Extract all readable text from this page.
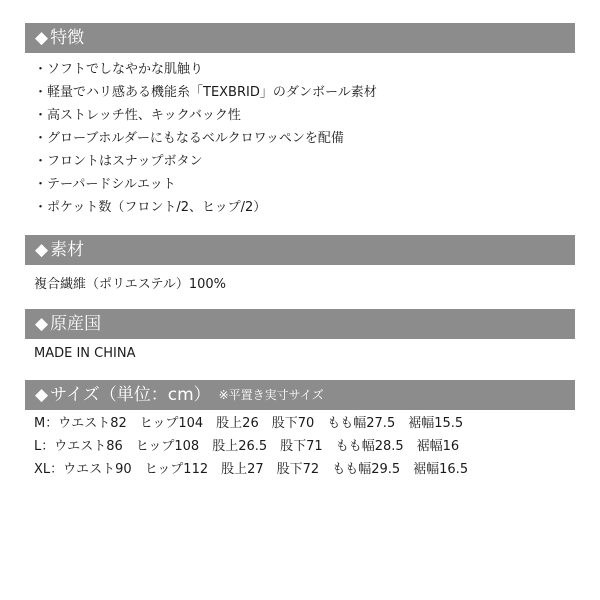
◆ 特徴
・ソフトでしなやかな肌触り
・軽量でハリ感ある機能糸「TEXBRID」のダンボール素材
・高ストレッチ性、キックバック性
・グローブホルダーにもなるベルクロワッペンを配備
・フロントはスナップボタン
・テーパードシルエット
・ポケット数（フロント/2、ヒップ/2）
◆ 素材
複合繊維（ポリエステル）100%
◆ 原産国
MADE IN CHINA
◆ サイズ（単位：cm） ※平置き実寸サイズ
M：ウエスト82　ヒップ104　股上26　股下70　もも幅27.5　裾幅15.5
L：ウエスト86　ヒップ108　股上26.5　股下71　もも幅28.5　裾幅16
XL：ウエスト90　ヒップ112　股上27　股下72　もも幅29.5　裾幅16.5
